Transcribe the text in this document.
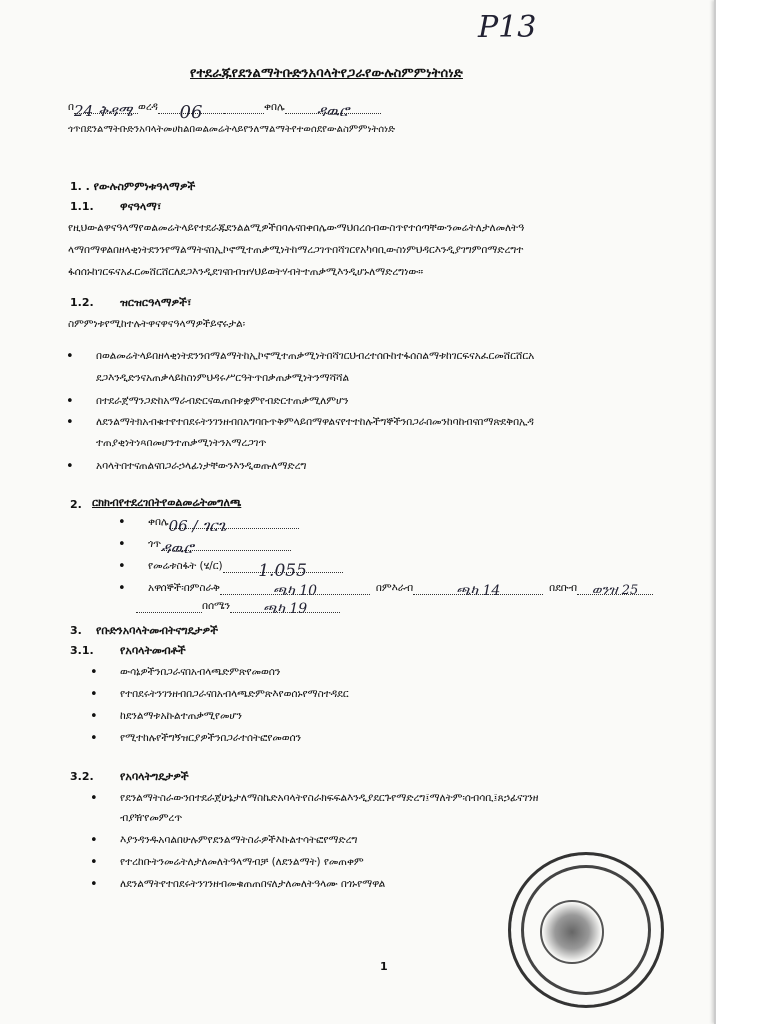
P13
የተደራጁየደንልማትቡድንአባላትየጋራየውሉስምምነትሰነድ
በ24 ቅዳሜ ወረዳ 06	ቀበሌ ዳዉሮ
ጎጥበደንልማትቡድንአባላትመሀከልበወልመሬትላይየንለማልማትየተወሰደየውልስምምነትሰነድ
1. . የውሉስምምነቱዓላማዎች
1.1. ዋናዓላማ፣
የዚህውልዋናዓላማየወልመሬትላይየተደራጁደንልልሚዎችበባሉናበቀበሌውማህበረሰብውስጥየተሰጣቸውንመሬትለታለመለትዓ
ላማበማዋልበዘላቂነትደንንየማልማትናበኢኮኖሚተጠቃሚነትከማረጋገጥበሻገርየአካባቢውስነምህዳርእንዲያገግምበማድረግተ
ፋሰሰኑከገርፍናአፈርመሸርሸርለደጋእንዲደገናበብዝሃህይወትሃብትተጠቃሚእንዲሆኑለማድረግነው።
1.2. ዝርዝርዓላማዎች፣
ስምምነቱየሚከተሉትዋናዋናዓላማዎችይኖሩታል፡
• በወልመሬትላይበዘላቂነትደንንበማልማትከኢኮኖሚተጠቃሚነትበሻገርህብረተሰቡከተፋሰስልማቱከገርፍናአፈርመሸርሸርአ
ደጋእንዲድንናአጠቃላይከስነምህዳሩሥርዓትጥበቃጠቃሚነትንማሻሻል
• በተደራጀማንጋድከአማራብድርናዉጠበቱቋምየብድርተጠቃሚለምሆን
• ለደንልማትክአብቁተየተበደሩትንገንዘብበአግባቡጥቅምላይበማዋልናየተተከሉችግኞችንበጋራበመንከባከብናበማጽደቅበኢዳ
ተጠያቂነትነጻበመሆንተጠቃሚነትንአማረጋገጥ
• አባላትበተናጠልናበጋራኃላፊነታቸውንእንዲወጡለማድረግ
2. ርክክብየተደረገበትየወልመሬትመግለጫ
• ቀበሌ06 / ገርጌ
• ጎጥዳዉሮ
• የመሬቱስፋት (ሄ/ር) 1.055
• አዋሰኞች፡በምስራቅ	ጫካ 10	በምእራብ	ጫካ 14	በደቡብ ወንዝ 25
በሰሜን ጫካ 19
3. የቡድንአባላትመብትናግዴታዎች
3.1. የአባላትመብቶች
• ውሳኔዎችንበጋራናበአብላጫድምጽየመወሰን
• የተበደሩትንገንዘብበጋራናበአብላጫድምጽእየወሰኑየማስተዳደር
• ከደንልማቱአኩልተጠቃሚየመሆን
• የሚተከሉየችግኝዝርያዎችንበጋራተሰትፎየመወሰን
3.2. የአባላትግዴታዎች
• የደንልማትስራውንበተደራጀሁኔታለማስኬድአባላትየስራክፍፍልእንዲያደርጉየማድረግ፤ማለትም፡ሰብሳቢ፤ጸኃፊናገንዘ
ብያዥየመምረጥ
• እያንዳንዱአባልበሁሉምየደንልማትስራዎችእኩልተሳትፎየማድረግ
• የተረከቡትንመሬትለታለመለትዓላማብቻ (ለደንልማት) የመጠቀም
• ለደንልማትየተበደሩትንገንዘብመቁጠጠበናለታለመለትዓላሙ በጎኑየማዋል
1
